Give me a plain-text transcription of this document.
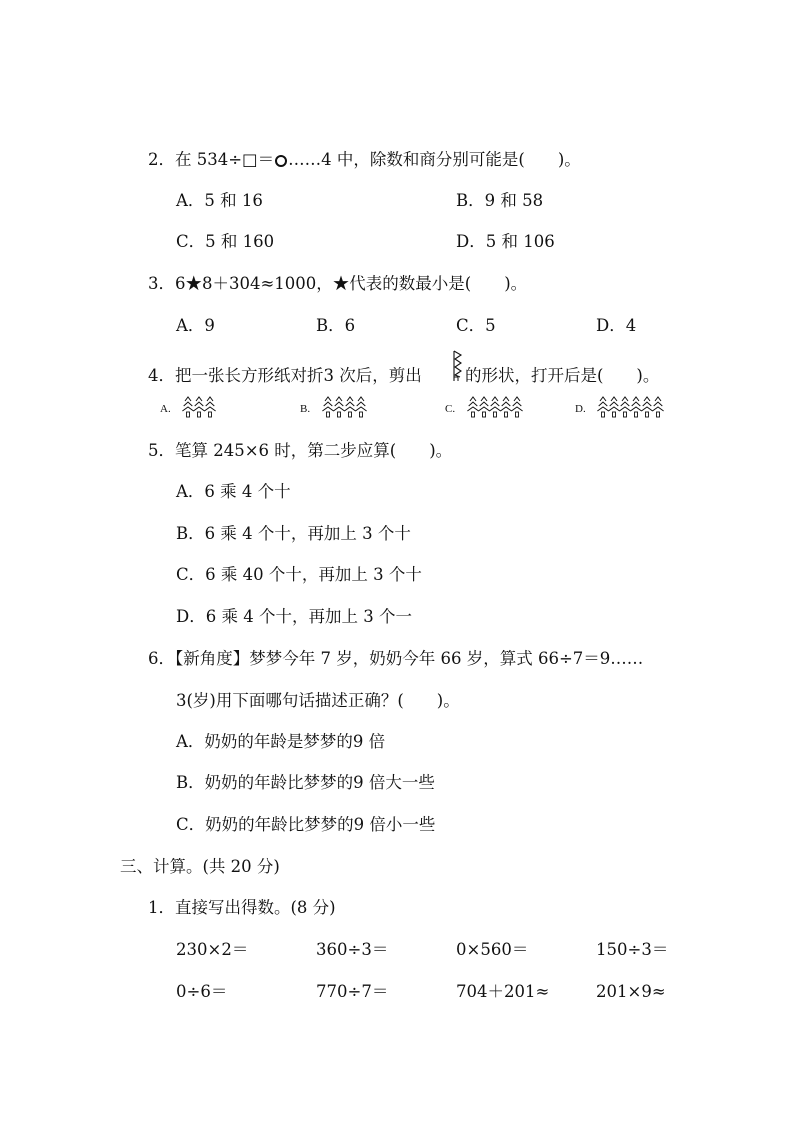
2．在 534÷□＝ ……4 中，除数和商分别可能是(　　)。
A．5 和 16	B．9 和 58
C．5 和 160	D．5 和 106
3．6★8＋304≈1000，★代表的数最小是(　　)。
A．9	B．6	C．5	D．4
4．把一张长方形纸对折3 次后，剪出	的形状，打开后是(　　)。
A.	B.	C.	D.
5．笔算 245×6 时，第二步应算(　　)。
A．6 乘 4 个十
B．6 乘 4 个十，再加上 3 个十
C．6 乘 40 个十，再加上 3 个十
D．6 乘 4 个十，再加上 3 个一
6．【新角度】梦梦今年 7 岁，奶奶今年 66 岁，算式 66÷7＝9……
3(岁)用下面哪句话描述正确？(　　)。
A．奶奶的年龄是梦梦的9 倍
B．奶奶的年龄比梦梦的9 倍大一些
C．奶奶的年龄比梦梦的9 倍小一些
三、计算。(共 20 分)
1．直接写出得数。(8 分)
230×2＝	360÷3＝	0×560＝	150÷3＝
0÷6＝	770÷7＝	704＋201≈	201×9≈
